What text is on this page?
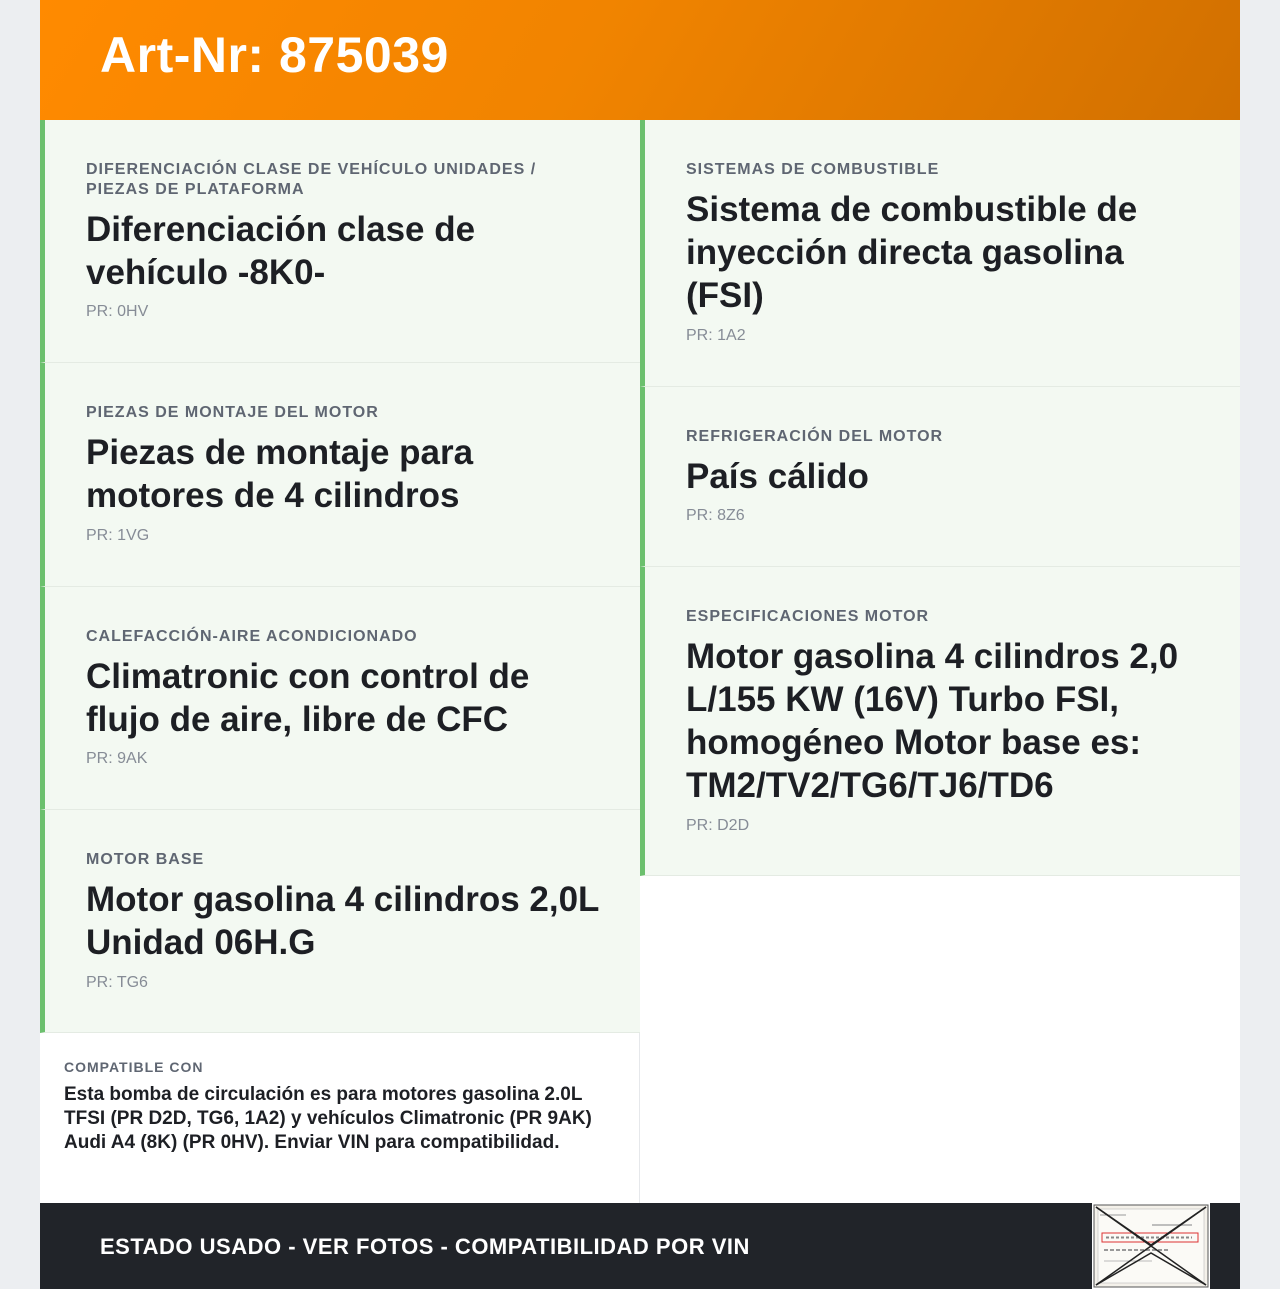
Art-Nr: 875039
DIFERENCIACIÓN CLASE DE VEHÍCULO UNIDADES / PIEZAS DE PLATAFORMA
Diferenciación clase de vehículo -8K0-
PR: 0HV
PIEZAS DE MONTAJE DEL MOTOR
Piezas de montaje para motores de 4 cilindros
PR: 1VG
CALEFACCIÓN-AIRE ACONDICIONADO
Climatronic con control de flujo de aire, libre de CFC
PR: 9AK
MOTOR BASE
Motor gasolina 4 cilindros 2,0L Unidad 06H.G
PR: TG6
SISTEMAS DE COMBUSTIBLE
Sistema de combustible de inyección directa gasolina (FSI)
PR: 1A2
REFRIGERACIÓN DEL MOTOR
País cálido
PR: 8Z6
ESPECIFICACIONES MOTOR
Motor gasolina 4 cilindros 2,0 L/155 KW (16V) Turbo FSI, homogéneo Motor base es: TM2/TV2/TG6/TJ6/TD6
PR: D2D
COMPATIBLE CON
Esta bomba de circulación es para motores gasolina 2.0L TFSI (PR D2D, TG6, 1A2) y vehículos Climatronic (PR 9AK) Audi A4 (8K) (PR 0HV). Enviar VIN para compatibilidad.
ESTADO USADO - VER FOTOS - COMPATIBILIDAD POR VIN
